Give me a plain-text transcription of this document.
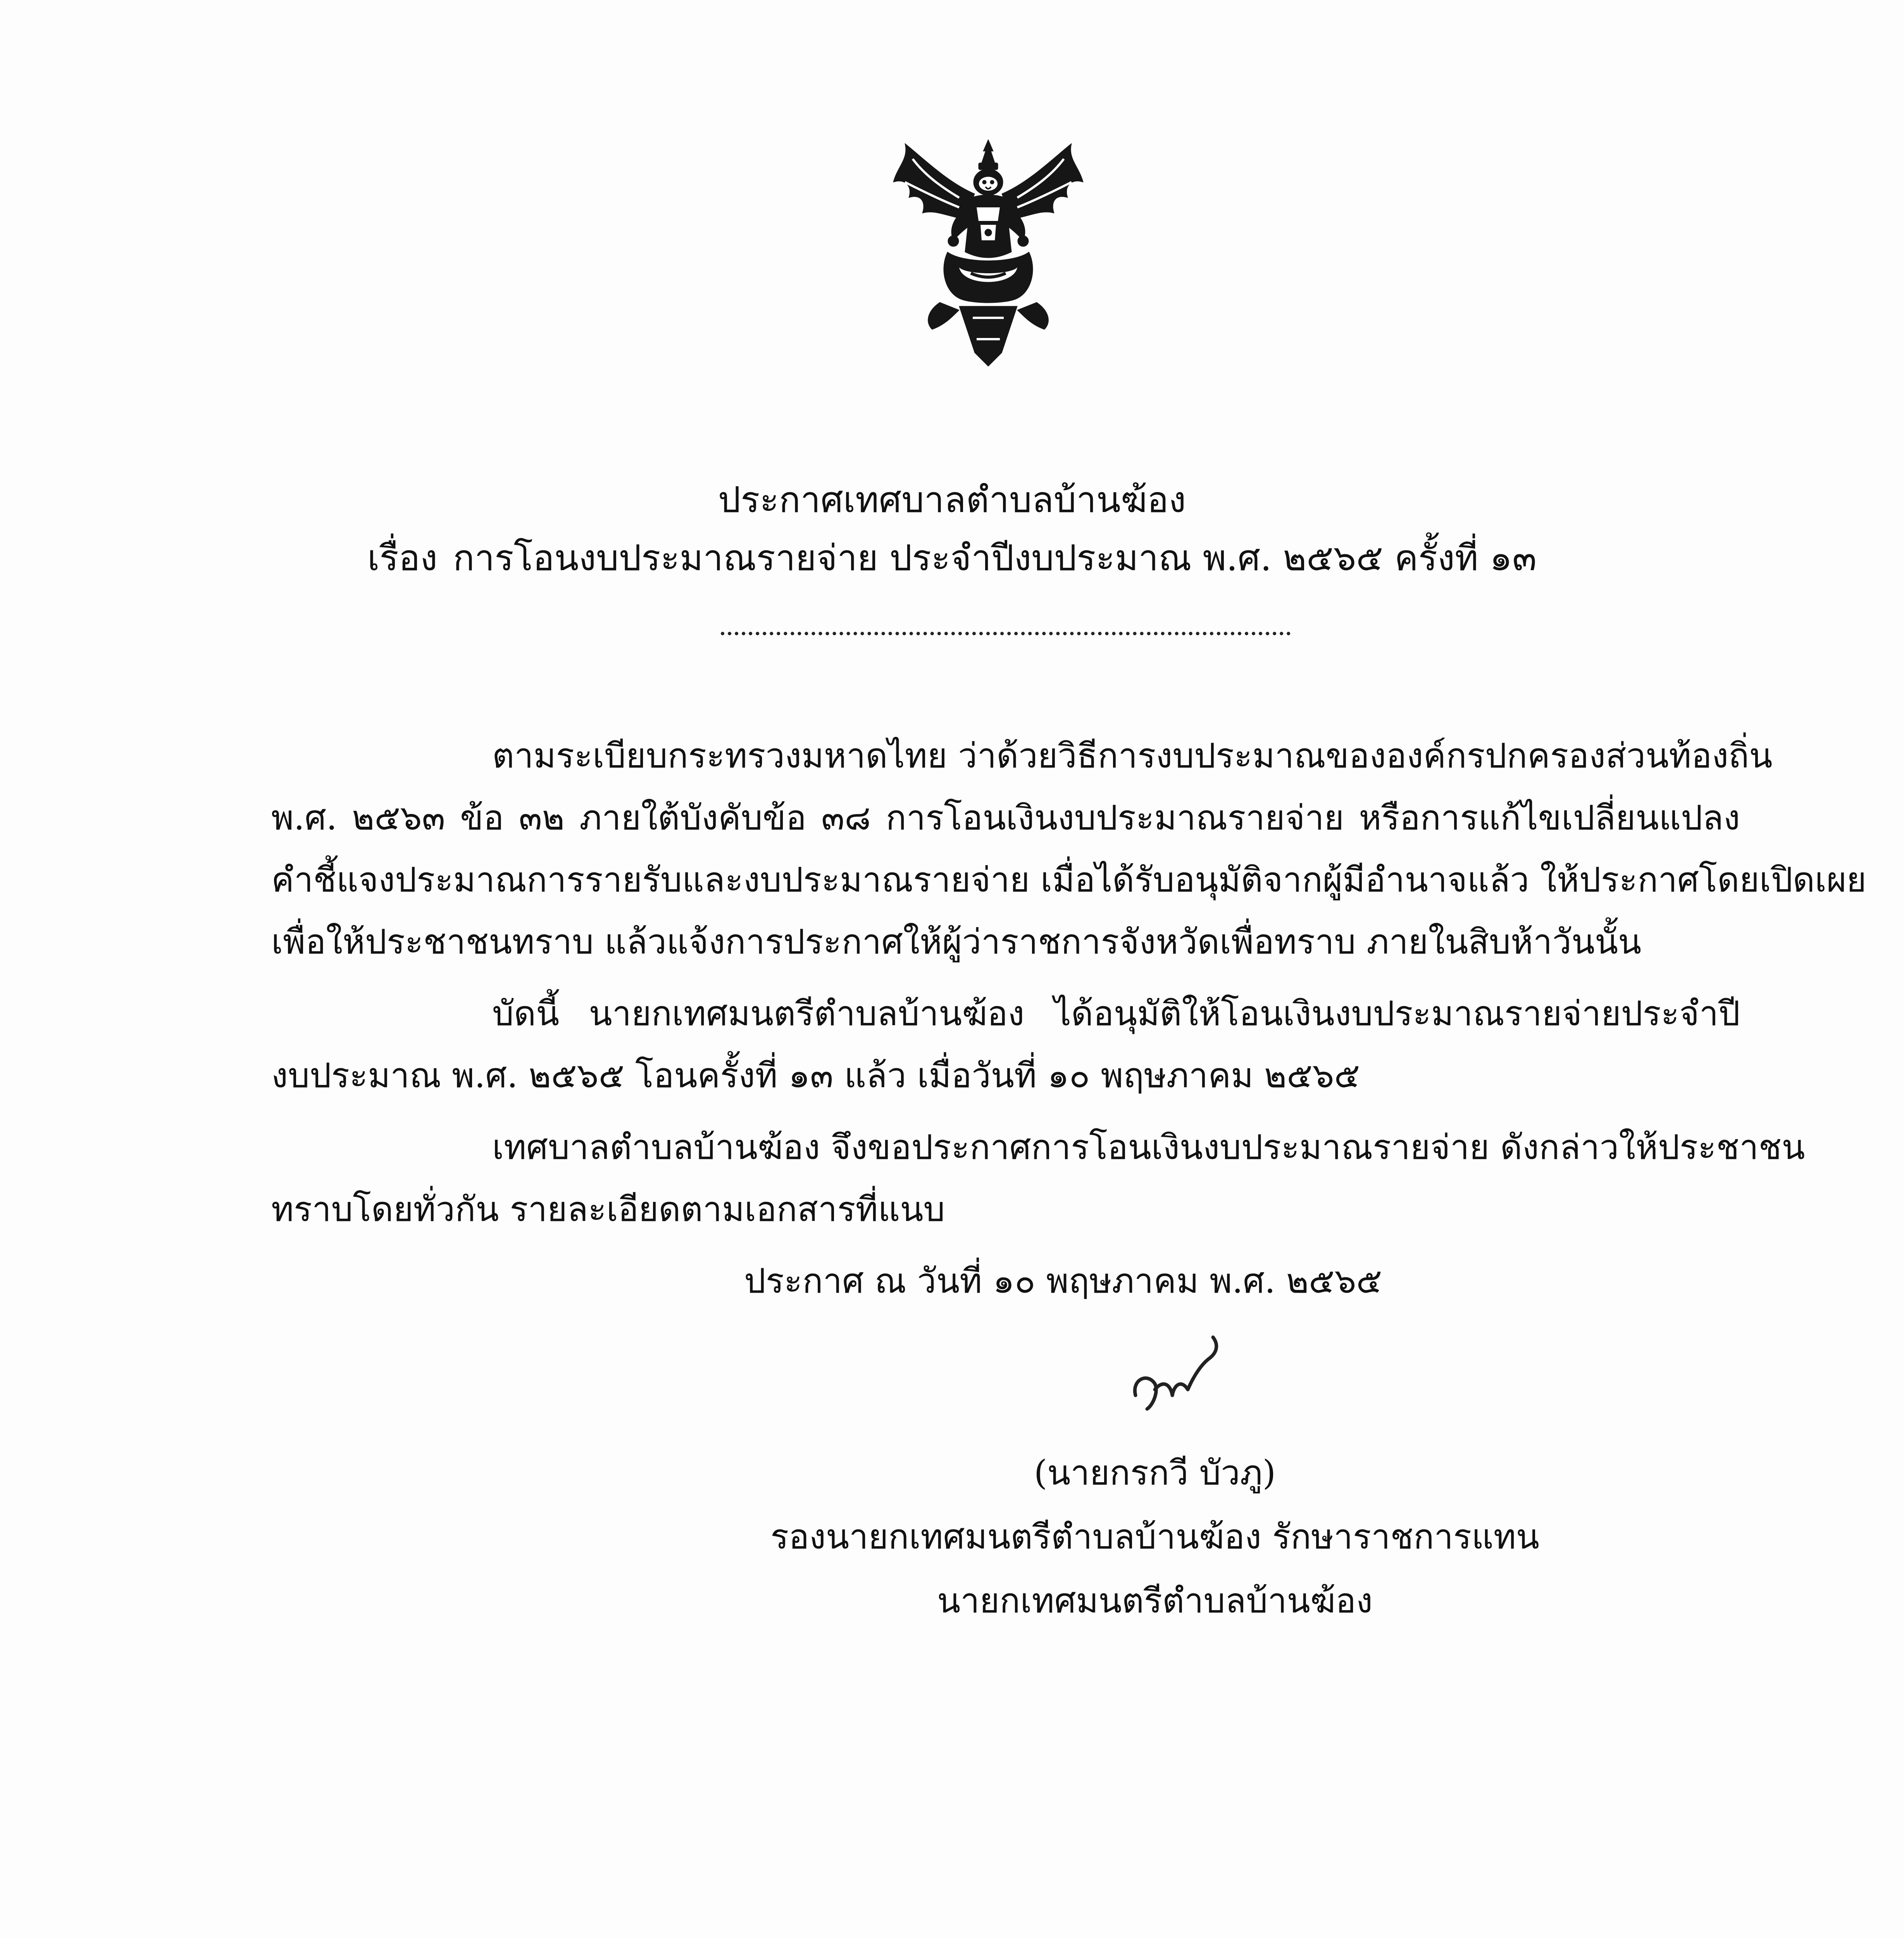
ประกาศเทศบาลตำบลบ้านฆ้อง
เรื่อง การโอนงบประมาณรายจ่าย ประจำปีงบประมาณ พ.ศ. ๒๕๖๕ ครั้งที่ ๑๓
ตามระเบียบกระทรวงมหาดไทย ว่าด้วยวิธีการงบประมาณขององค์กรปกครองส่วนท้องถิ่น
พ.ศ. ๒๕๖๓ ข้อ ๓๒ ภายใต้บังคับข้อ ๓๘ การโอนเงินงบประมาณรายจ่าย หรือการแก้ไขเปลี่ยนแปลง
คำชี้แจงประมาณการรายรับและงบประมาณรายจ่าย เมื่อได้รับอนุมัติจากผู้มีอำนาจแล้ว ให้ประกาศโดยเปิดเผย
เพื่อให้ประชาชนทราบ แล้วแจ้งการประกาศให้ผู้ว่าราชการจังหวัดเพื่อทราบ ภายในสิบห้าวันนั้น
บัดนี้ นายกเทศมนตรีตำบลบ้านฆ้อง ได้อนุมัติให้โอนเงินงบประมาณรายจ่ายประจำปี
งบประมาณ พ.ศ. ๒๕๖๕ โอนครั้งที่ ๑๓ แล้ว เมื่อวันที่ ๑๐ พฤษภาคม ๒๕๖๕
เทศบาลตำบลบ้านฆ้อง จึงขอประกาศการโอนเงินงบประมาณรายจ่าย ดังกล่าวให้ประชาชน
ทราบโดยทั่วกัน รายละเอียดตามเอกสารที่แนบ
ประกาศ ณ วันที่ ๑๐ พฤษภาคม พ.ศ. ๒๕๖๕
(นายกรกวี บัวภู)
รองนายกเทศมนตรีตำบลบ้านฆ้อง รักษาราชการแทน
นายกเทศมนตรีตำบลบ้านฆ้อง
